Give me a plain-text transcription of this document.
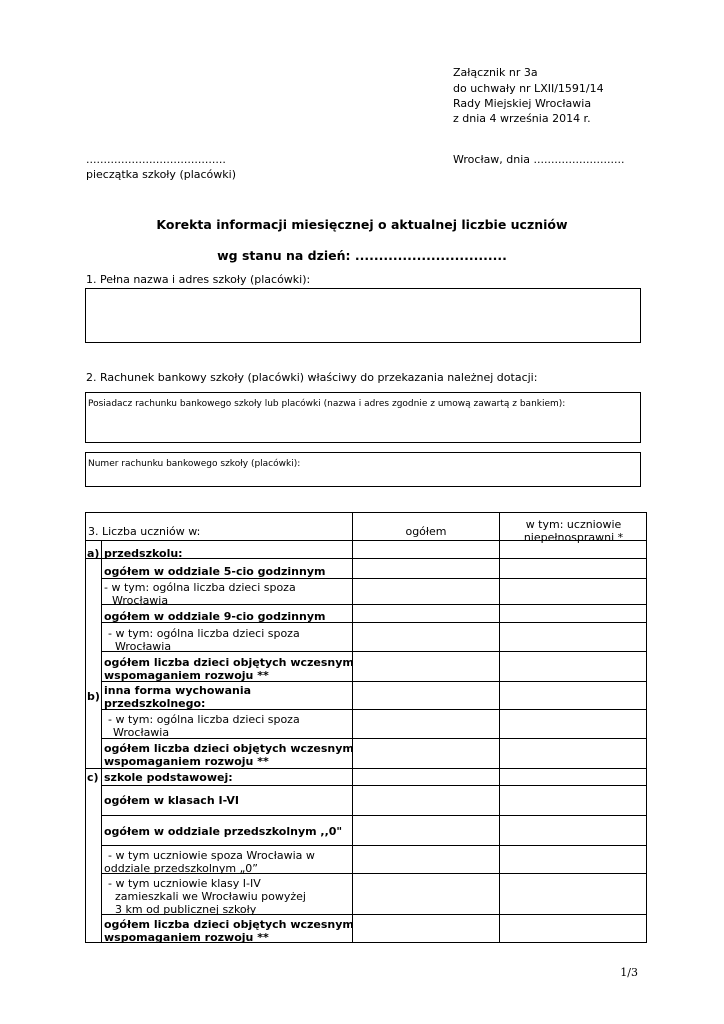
Załącznik nr 3a
do uchwały nr LXII/1591/14
Rady Miejskiej Wrocławia
z dnia 4 września 2014 r.
........................................
pieczątka szkoły (placówki)
Wrocław, dnia ..........................
Korekta informacji miesięcznej o aktualnej liczbie uczniów
wg stanu na dzień: ................................
1. Pełna nazwa i adres szkoły (placówki):
2. Rachunek bankowy szkoły (placówki) właściwy do przekazania należnej dotacji:
Posiadacz rachunku bankowego szkoły lub placówki (nazwa i adres zgodnie z umową zawartą z bankiem):
Numer rachunku bankowego szkoły (placówki):
3. Liczba uczniów w:	ogółem
w tym: uczniowie
niepełnosprawni *
a) przedszkolu:
ogółem w oddziale 5-cio godzinnym
- w tym: ogólna liczba dzieci spoza
Wrocławia
ogółem w oddziale 9-cio godzinnym
- w tym: ogólna liczba dzieci spoza
Wrocławia
ogółem liczba dzieci objętych wczesnym
wspomaganiem rozwoju **
b) inna forma wychowania
przedszkolnego:
- w tym: ogólna liczba dzieci spoza
Wrocławia
ogółem liczba dzieci objętych wczesnym
wspomaganiem rozwoju **
c) szkole podstawowej:
ogółem w klasach I-VI
ogółem w oddziale przedszkolnym ,,0"
- w tym uczniowie spoza Wrocławia w
oddziale przedszkolnym „0”
- w tym uczniowie klasy I-IV
zamieszkali we Wrocławiu powyżej
3 km od publicznej szkoły
ogółem liczba dzieci objętych wczesnym
wspomaganiem rozwoju **
1/3
